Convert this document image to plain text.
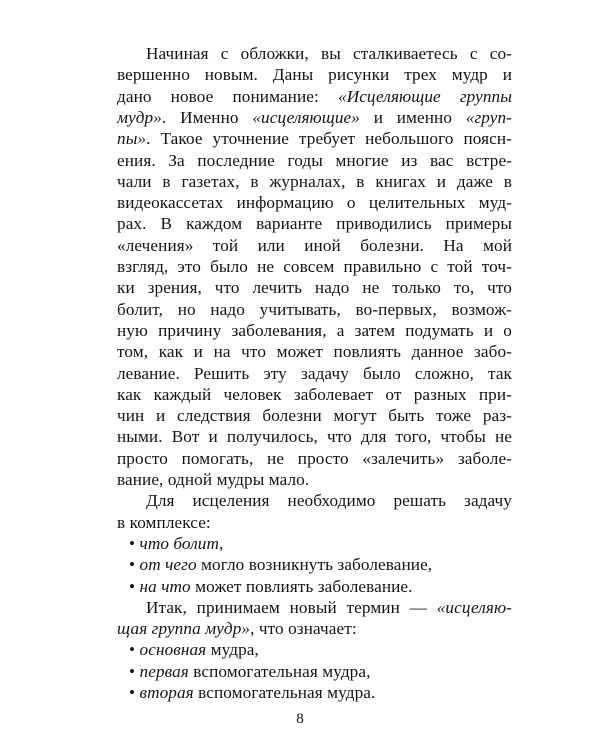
Начиная с обложки, вы сталкиваетесь с со-
вершенно новым. Даны рисунки трех мудр и
дано новое понимание: «Исцеляющие группы
мудр». Именно «исцеляющие» и именно «груп-
пы». Такое уточнение требует небольшого поясн-
ения. За последние годы многие из вас встре-
чали в газетах, в журналах, в книгах и даже в
видеокассетах информацию о целительных муд-
рах. В каждом варианте приводились примеры
«лечения» той или иной болезни. На мой
взгляд, это было не совсем правильно с той точ-
ки зрения, что лечить надо не только то, что
болит, но надо учитывать, во-первых, возмож-
ную причину заболевания, а затем подумать и о
том, как и на что может повлиять данное забо-
левание. Решить эту задачу было сложно, так
как каждый человек заболевает от разных при-
чин и следствия болезни могут быть тоже раз-
ными. Вот и получилось, что для того, чтобы не
просто помогать, не просто «залечить» заболе-
вание, одной мудры мало.
Для исцеления необходимо решать задачу
в комплексе:
• что болит,
• от чего могло возникнуть заболевание,
• на что может повлиять заболевание.
Итак, принимаем новый термин — «исцеляю-
щая группа мудр», что означает:
• основная мудра,
• первая вспомогательная мудра,
• вторая вспомогательная мудра.
8
